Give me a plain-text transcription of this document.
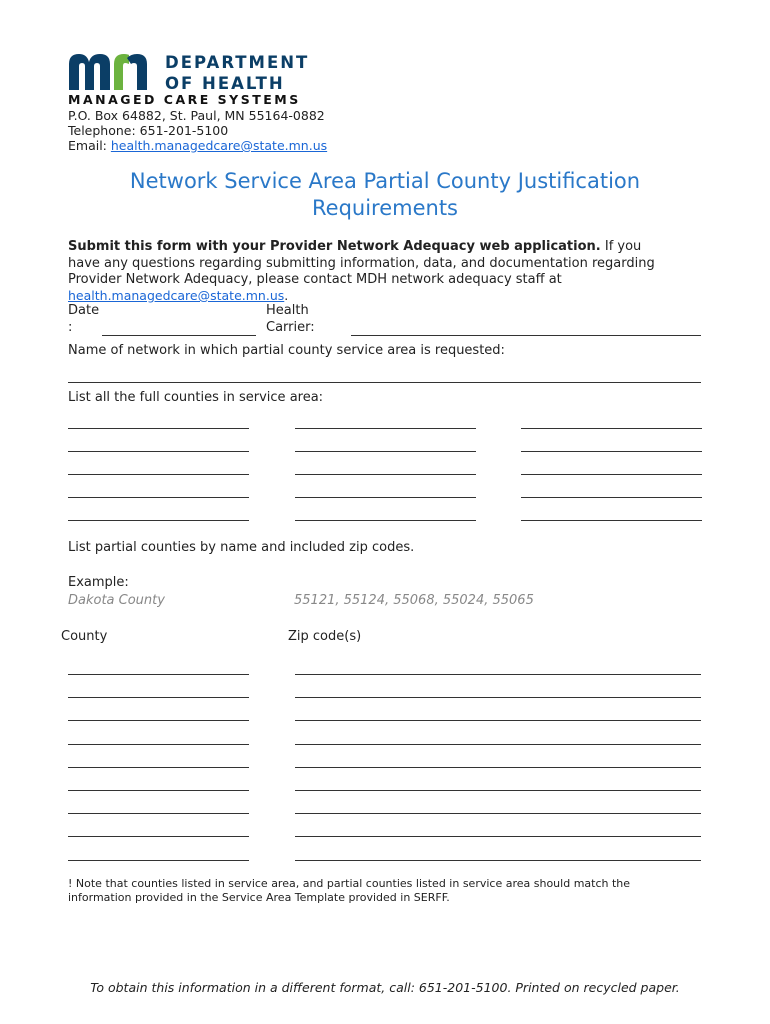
DEPARTMENT
OF HEALTH
MANAGED CARE SYSTEMS
P.O. Box 64882, St. Paul, MN 55164-0882
Telephone: 651-201-5100
Email: health.managedcare@state.mn.us
Network Service Area Partial County Justification
Requirements
Submit this form with your Provider Network Adequacy web application. If you
have any questions regarding submitting information, data, and documentation regarding
Provider Network Adequacy, please contact MDH network adequacy staff at
health.managedcare@state.mn.us.
Date
:
Health
Carrier:
Name of network in which partial county service area is requested:
List all the full counties in service area:
List partial counties by name and included zip codes.
Example:
Dakota County	55121, 55124, 55068, 55024, 55065
County	Zip code(s)
! Note that counties listed in service area, and partial counties listed in service area should match the
information provided in the Service Area Template provided in SERFF.
To obtain this information in a different format, call: 651-201-5100. Printed on recycled paper.
